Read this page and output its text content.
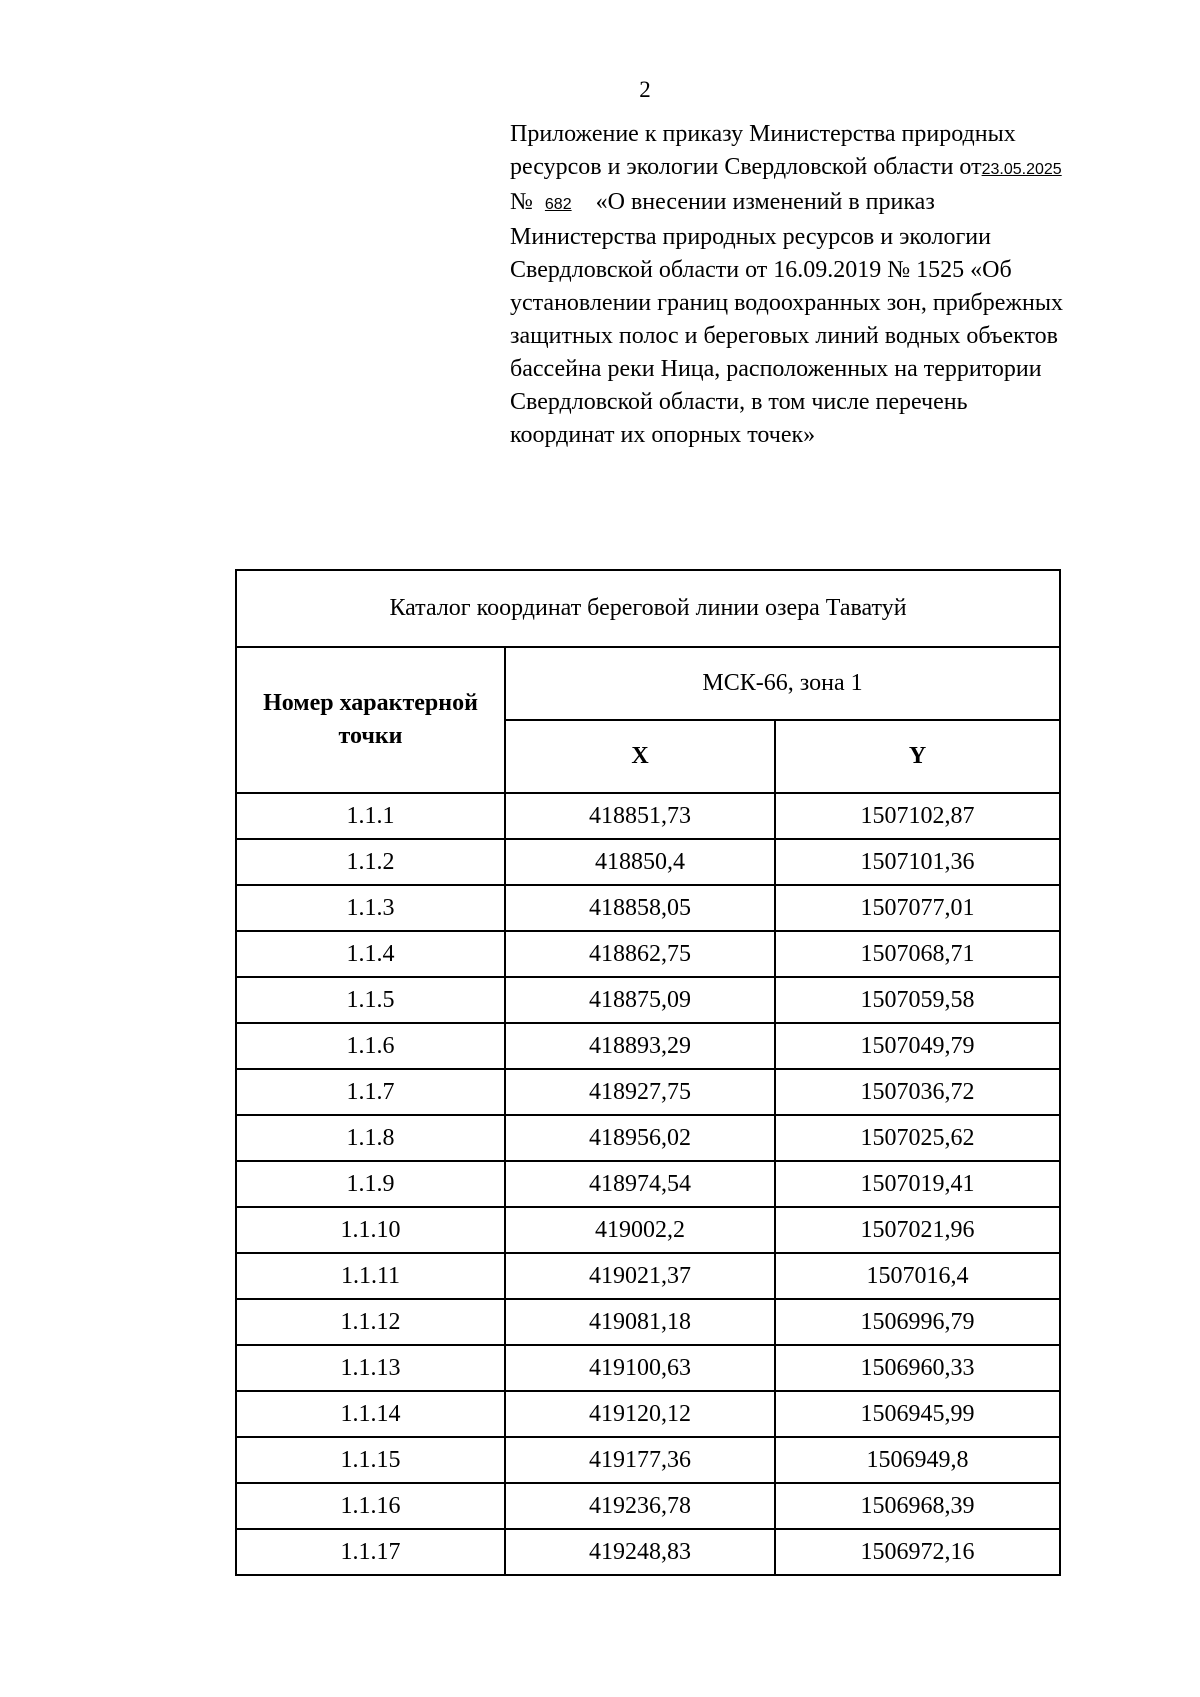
2
Приложение к приказу Министерства природных ресурсов и экологии Свердловской области от23.05.2025№ 682 «О внесении изменений в приказ Министерства природных ресурсов и экологии Свердловской области от 16.09.2019 № 1525 «Об установлении границ водоохранных зон, прибрежных защитных полос и береговых линий водных объектов бассейна реки Ница, расположенных на территории Свердловской области, в том числе перечень координат их опорных точек»
Каталог координат береговой линии озера Таватуй		
Номер характерной точки	МСК-66, зона 1	
	X	Y
1.1.1	418851,73	1507102,87
1.1.2	418850,4	1507101,36
1.1.3	418858,05	1507077,01
1.1.4	418862,75	1507068,71
1.1.5	418875,09	1507059,58
1.1.6	418893,29	1507049,79
1.1.7	418927,75	1507036,72
1.1.8	418956,02	1507025,62
1.1.9	418974,54	1507019,41
1.1.10	419002,2	1507021,96
1.1.11	419021,37	1507016,4
1.1.12	419081,18	1506996,79
1.1.13	419100,63	1506960,33
1.1.14	419120,12	1506945,99
1.1.15	419177,36	1506949,8
1.1.16	419236,78	1506968,39
1.1.17	419248,83	1506972,16
